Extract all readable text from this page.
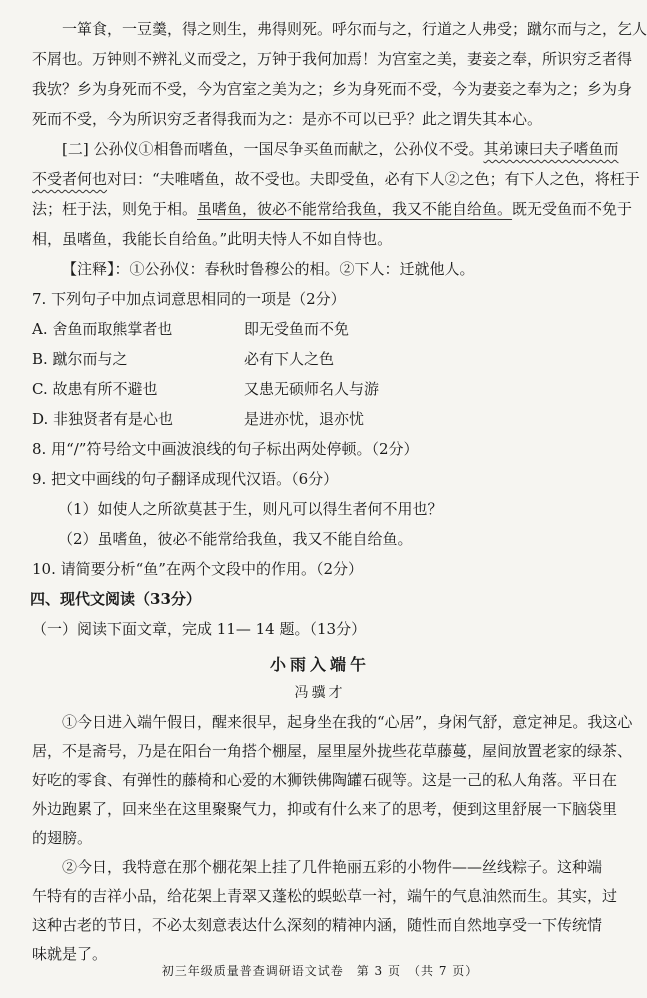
一箪食，一豆羹，得之则生，弗得则死。呼尔而与之，行道之人弗受；蹴尔而与之，乞人
不屑也。万钟则不辨礼义而受之，万钟于我何加焉！为宫室之美，妻妾之奉，所识穷乏者得
我欤？乡为身死而不受，今为宫室之美为之；乡为身死而不受，今为妻妾之奉为之；乡为身
死而不受，今为所识穷乏者得我而为之：是亦不可以已乎？此之谓失其本心。
[二] 公孙仪①相鲁而嗜鱼，一国尽争买鱼而献之，公孙仪不受。其弟谏曰夫子嗜鱼而
不受者何也对曰：“夫唯嗜鱼，故不受也。夫即受鱼，必有下人②之色；有下人之色，将枉于
法；枉于法，则免于相。虽嗜鱼，彼必不能常给我鱼，我又不能自给鱼。既无受鱼而不免于
相，虽嗜鱼，我能长自给鱼。”此明夫恃人不如自恃也。
【注释】：①公孙仪：春秋时鲁穆公的相。②下人：迁就他人。
7. 下列句子中加点词意思相同的一项是（2分）
A. 舍鱼而取熊掌者也	即无受鱼而不免
B. 蹴尔而与之	必有下人之色
C. 故患有所不避也	又患无硕师名人与游
D. 非独贤者有是心也	是进亦忧，退亦忧
8. 用“/”符号给文中画波浪线的句子标出两处停顿。（2分）
9. 把文中画线的句子翻译成现代汉语。（6分）
（1）如使人之所欲莫甚于生，则凡可以得生者何不用也？
（2）虽嗜鱼，彼必不能常给我鱼，我又不能自给鱼。
10. 请简要分析“鱼”在两个文段中的作用。（2分）
四、现代文阅读（33分）
（一）阅读下面文章，完成 11— 14 题。（13分）
小雨入端午
冯骥才
①今日进入端午假日，醒来很早，起身坐在我的“心居”，身闲气舒，意定神足。我这心
居，不是斋号，乃是在阳台一角搭个棚屋，屋里屋外拢些花草藤蔓，屋间放置老家的绿茶、
好吃的零食、有弹性的藤椅和心爱的木狮铁佛陶罐石砚等。这是一己的私人角落。平日在
外边跑累了，回来坐在这里聚聚气力，抑或有什么来了的思考，便到这里舒展一下脑袋里
的翅膀。
②今日，我特意在那个棚花架上挂了几件艳丽五彩的小物件——丝线粽子。这种端
午特有的吉祥小品，给花架上青翠又蓬松的蜈蚣草一衬，端午的气息油然而生。其实，过
这种古老的节日，不必太刻意表达什么深刻的精神内涵，随性而自然地享受一下传统情
味就是了。
初三年级质量普查调研语文试卷　第 3 页　（共 7 页）
